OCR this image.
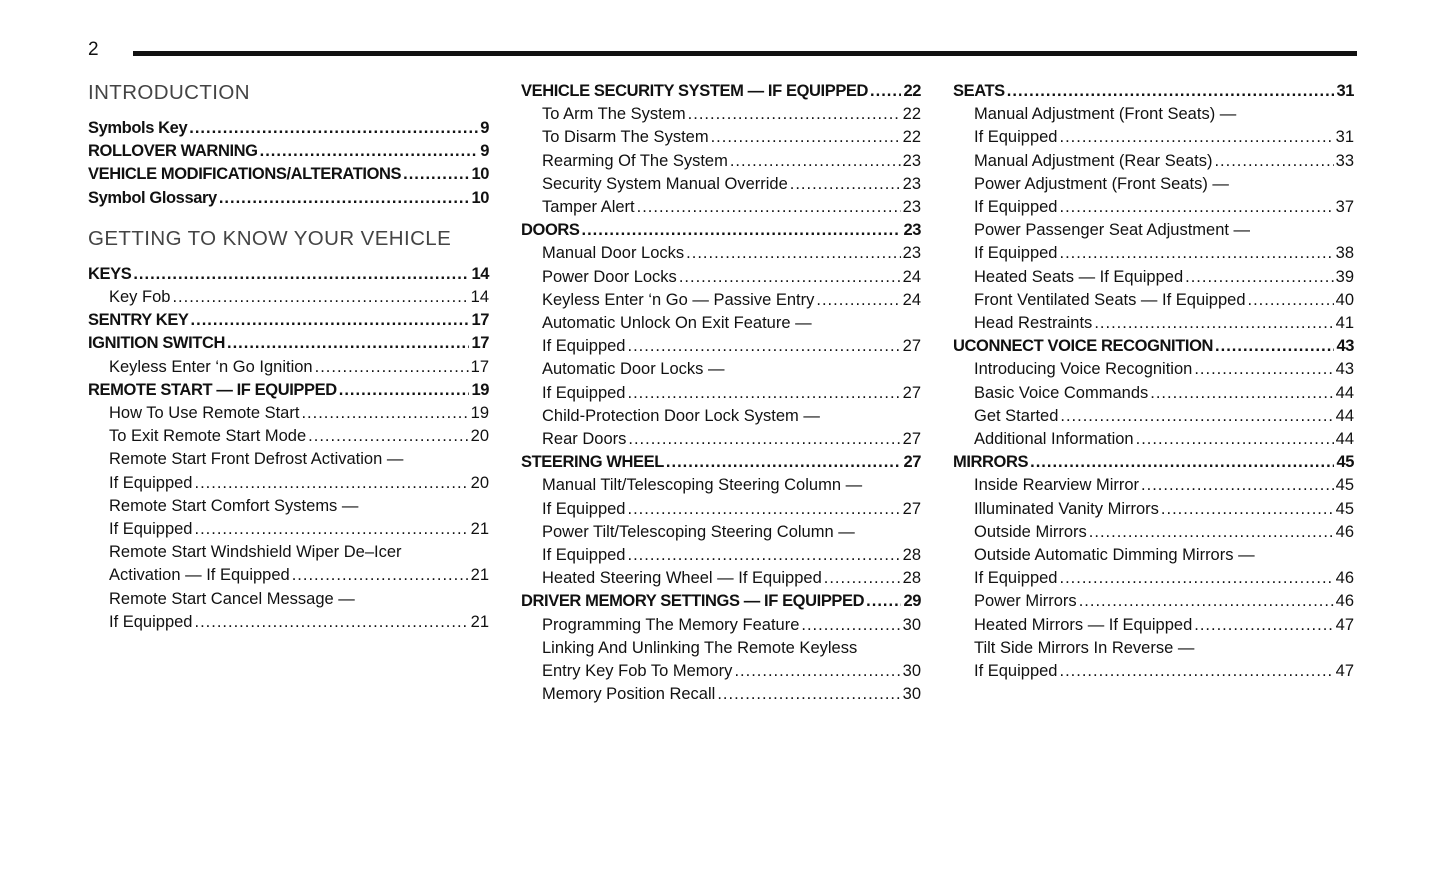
2
INTRODUCTION
Symbols Key .....	9
ROLLOVER WARNING .....	9
VEHICLE MODIFICATIONS/ALTERATIONS .....	10
Symbol Glossary .....	10
GETTING TO KNOW YOUR VEHICLE
KEYS .....	14
Key Fob .....	14
SENTRY KEY .....	17
IGNITION SWITCH .....	17
Keyless Enter ‘n Go Ignition .....	17
REMOTE START — IF EQUIPPED .....	19
How To Use Remote Start .....	19
To Exit Remote Start Mode .....	20
Remote Start Front Defrost Activation —
If Equipped .....	20
Remote Start Comfort Systems —
If Equipped .....	21
Remote Start Windshield Wiper De–Icer
Activation — If Equipped .....	21
Remote Start Cancel Message —
If Equipped .....	21
VEHICLE SECURITY SYSTEM — IF EQUIPPED ..... 22
To Arm The System .....	22
To Disarm The System .....	22
Rearming Of The System .....	23
Security System Manual Override .....	23
Tamper Alert .....	23
DOORS .....	23
Manual Door Locks .....	23
Power Door Locks .....	24
Keyless Enter ‘n Go — Passive Entry .....	24
Automatic Unlock On Exit Feature —
If Equipped .....	27
Automatic Door Locks —
If Equipped .....	27
Child-Protection Door Lock System —
Rear Doors .....	27
STEERING WHEEL .....	27
Manual Tilt/Telescoping Steering Column —
If Equipped .....	27
Power Tilt/Telescoping Steering Column —
If Equipped .....	28
Heated Steering Wheel — If Equipped .....	28
DRIVER MEMORY SETTINGS — IF EQUIPPED ..... 29
Programming The Memory Feature .....	30
Linking And Unlinking The Remote Keyless
Entry Key Fob To Memory .....	30
Memory Position Recall .....	30
SEATS .....	31
Manual Adjustment (Front Seats) —
If Equipped .....	31
Manual Adjustment (Rear Seats) .....	33
Power Adjustment (Front Seats) —
If Equipped .....	37
Power Passenger Seat Adjustment —
If Equipped .....	38
Heated Seats — If Equipped .....	39
Front Ventilated Seats — If Equipped .....	40
Head Restraints .....	41
UCONNECT VOICE RECOGNITION .....	43
Introducing Voice Recognition .....	43
Basic Voice Commands .....	44
Get Started .....	44
Additional Information .....	44
MIRRORS .....	45
Inside Rearview Mirror .....	45
Illuminated Vanity Mirrors .....	45
Outside Mirrors .....	46
Outside Automatic Dimming Mirrors —
If Equipped .....	46
Power Mirrors .....	46
Heated Mirrors — If Equipped .....	47
Tilt Side Mirrors In Reverse —
If Equipped .....	47
